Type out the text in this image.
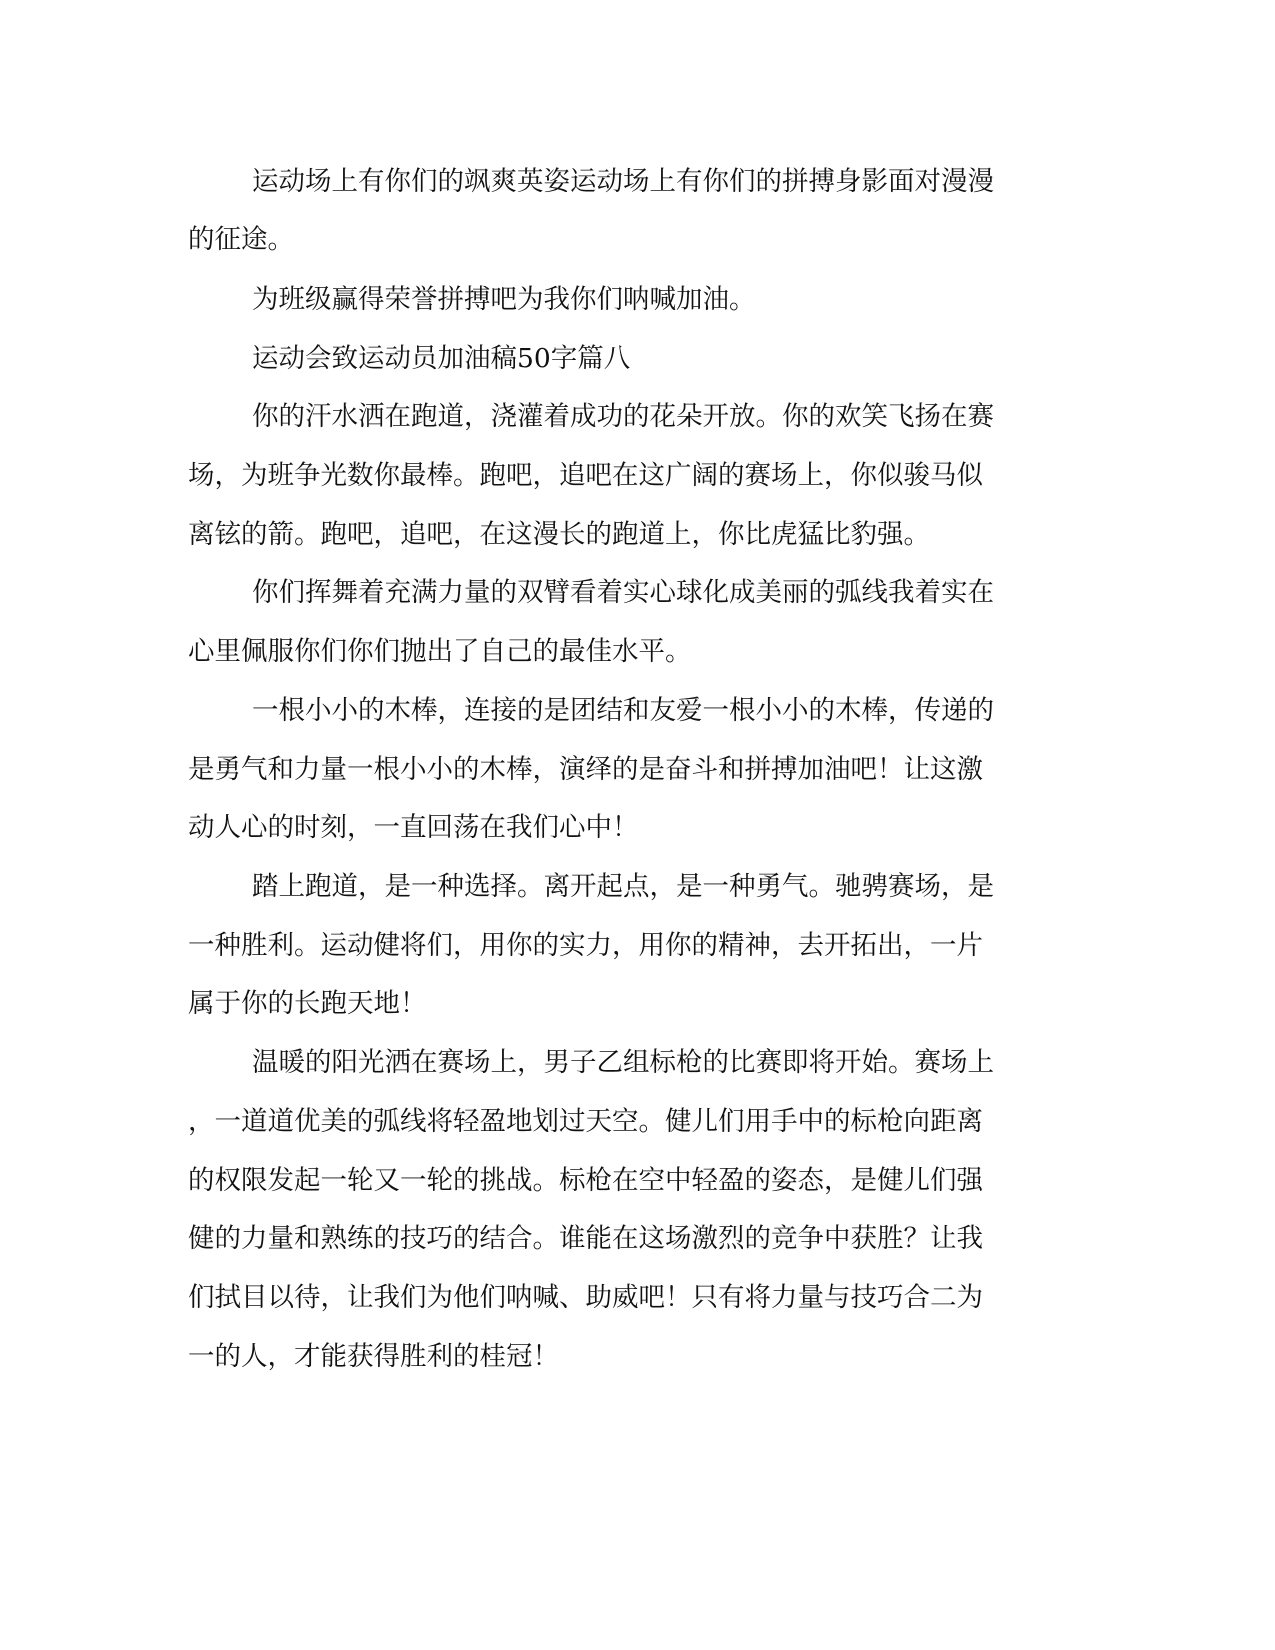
运动场上有你们的飒爽英姿运动场上有你们的拼搏身影面对漫漫
的征途。
为班级赢得荣誉拼搏吧为我你们呐喊加油。
运动会致运动员加油稿50字篇八
你的汗水洒在跑道，浇灌着成功的花朵开放。你的欢笑飞扬在赛
场，为班争光数你最棒。跑吧，追吧在这广阔的赛场上，你似骏马似
离铉的箭。跑吧，追吧，在这漫长的跑道上，你比虎猛比豹强。
你们挥舞着充满力量的双臂看着实心球化成美丽的弧线我着实在
心里佩服你们你们抛出了自己的最佳水平。
一根小小的木棒，连接的是团结和友爱一根小小的木棒，传递的
是勇气和力量一根小小的木棒，演绎的是奋斗和拼搏加油吧！让这激
动人心的时刻，一直回荡在我们心中！
踏上跑道，是一种选择。离开起点，是一种勇气。驰骋赛场，是
一种胜利。运动健将们，用你的实力，用你的精神，去开拓出，一片
属于你的长跑天地！
温暖的阳光洒在赛场上，男子乙组标枪的比赛即将开始。赛场上
，一道道优美的弧线将轻盈地划过天空。健儿们用手中的标枪向距离
的权限发起一轮又一轮的挑战。标枪在空中轻盈的姿态，是健儿们强
健的力量和熟练的技巧的结合。谁能在这场激烈的竞争中获胜？让我
们拭目以待，让我们为他们呐喊、助威吧！只有将力量与技巧合二为
一的人，才能获得胜利的桂冠！
